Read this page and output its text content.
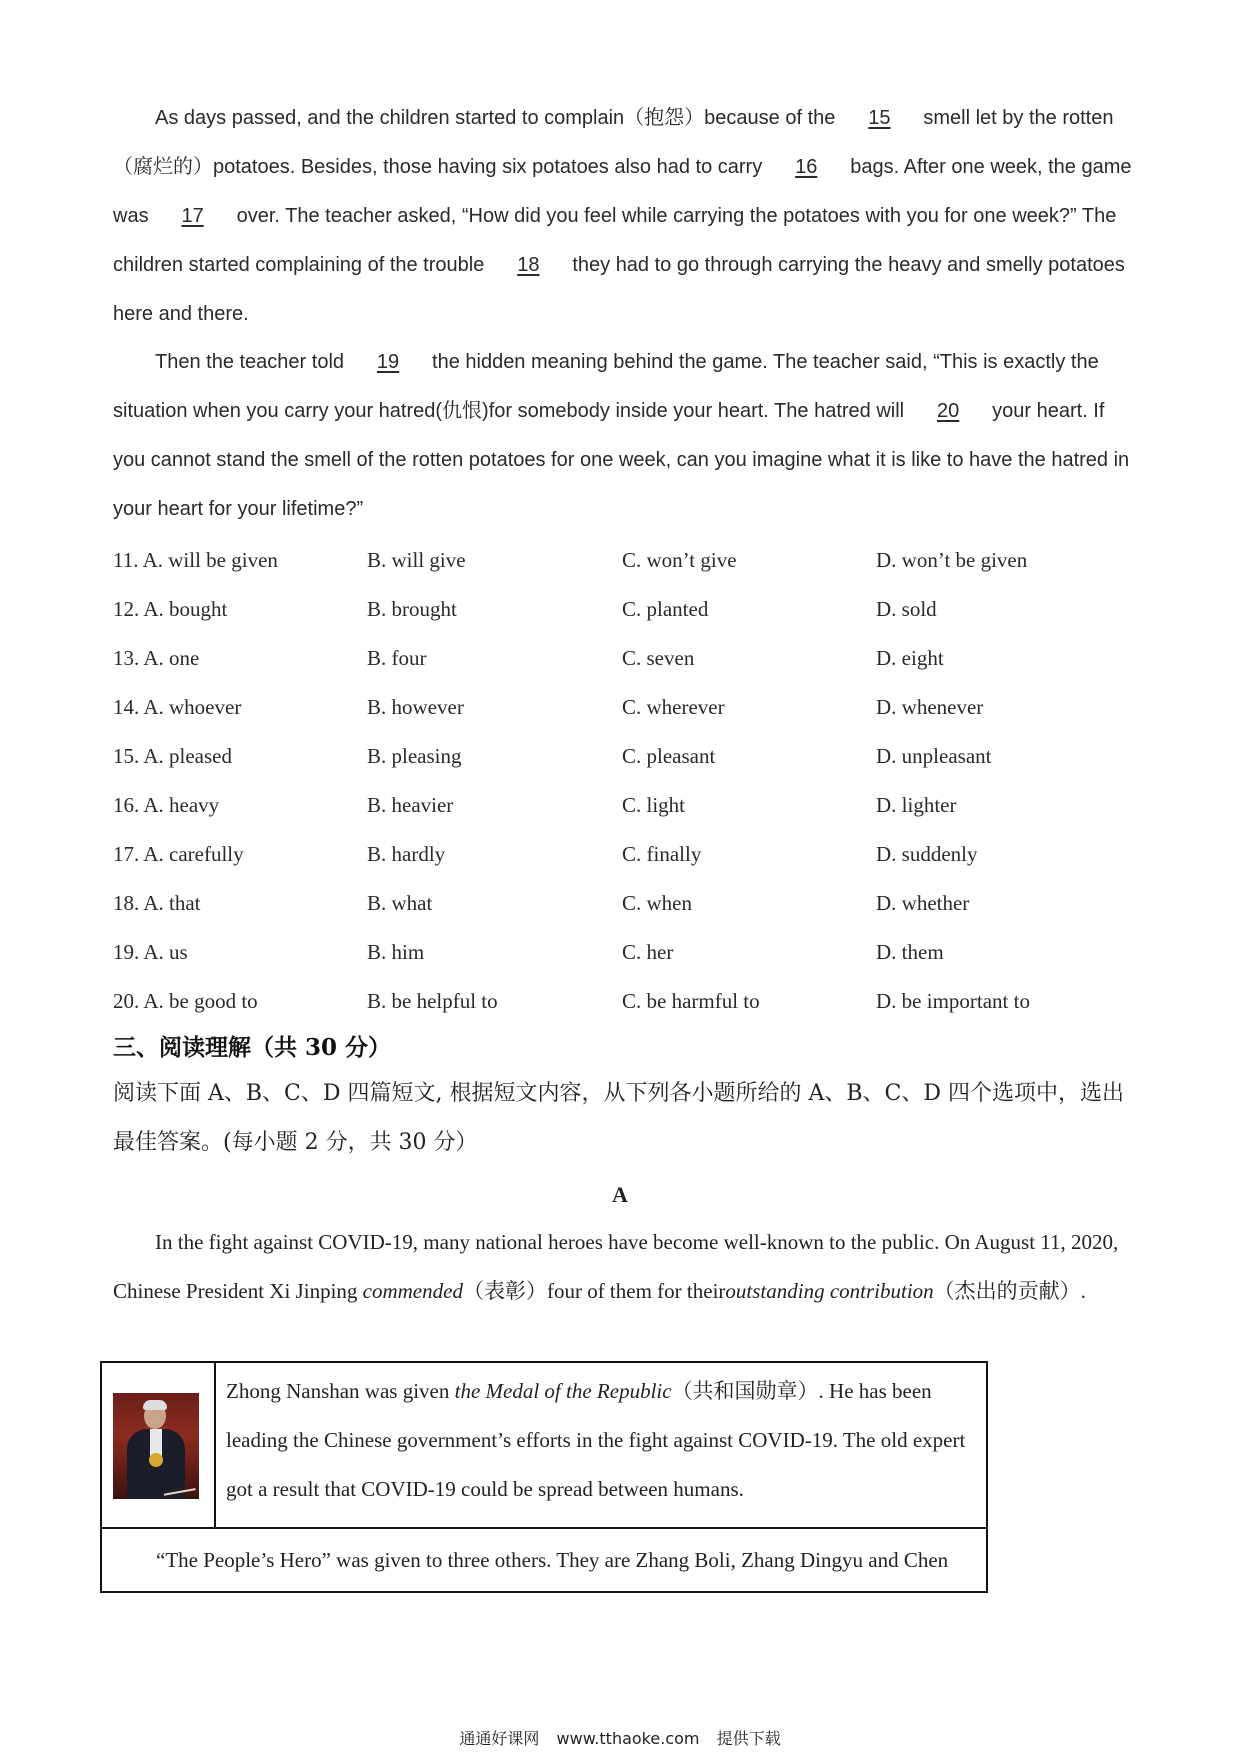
As days passed, and the children started to complain（抱怨）because of the 15 smell let by the rotten（腐烂的）potatoes. Besides, those having six potatoes also had to carry 16 bags. After one week, the game was 17 over. The teacher asked, “How did you feel while carrying the potatoes with you for one week?” The children started complaining of the trouble 18 they had to go through carrying the heavy and smelly potatoes here and there.

Then the teacher told 19 the hidden meaning behind the game. The teacher said, “This is exactly the situation when you carry your hatred(仇恨)for somebody inside your heart. The hatred will 20 your heart. If you cannot stand the smell of the rotten potatoes for one week, can you imagine what it is like to have the hatred in your heart for your lifetime?”

11. A. will be given	B. will give	C. won’t give	D. won’t be given
12. A. bought	B. brought	C. planted	D. sold
13. A. one	B. four	C. seven	D. eight
14. A. whoever	B. however	C. wherever	D. whenever
15. A. pleased	B. pleasing	C. pleasant	D. unpleasant
16. A. heavy	B. heavier	C. light	D. lighter
17. A. carefully	B. hardly	C. finally	D. suddenly
18. A. that	B. what	C. when	D. whether
19. A. us	B. him	C. her	D. them
20. A. be good to	B. be helpful to	C. be harmful to	D. be important to
三、阅读理解（共 30 分）
阅读下面 A、B、C、D 四篇短文, 根据短文内容，从下列各小题所给的 A、B、C、D 四个选项中，选出最佳答案。(每小题 2 分，共 30 分）
A

In the fight against COVID-19, many national heroes have become well-known to the public. On August 11, 2020, Chinese President Xi Jinping commended（表彰）four of them for theiroutstanding contribution（杰出的贡献）.

Zhong Nanshan was given the Medal of the Republic（共和国勋章）. He has been leading the Chinese government’s efforts in the fight against COVID-19. The old expert got a result that COVID-19 could be spread between humans.
“The People’s Hero” was given to three others. They are Zhang Boli, Zhang Dingyu and Chen
通通好课网 www.tthaoke.com 提供下载
